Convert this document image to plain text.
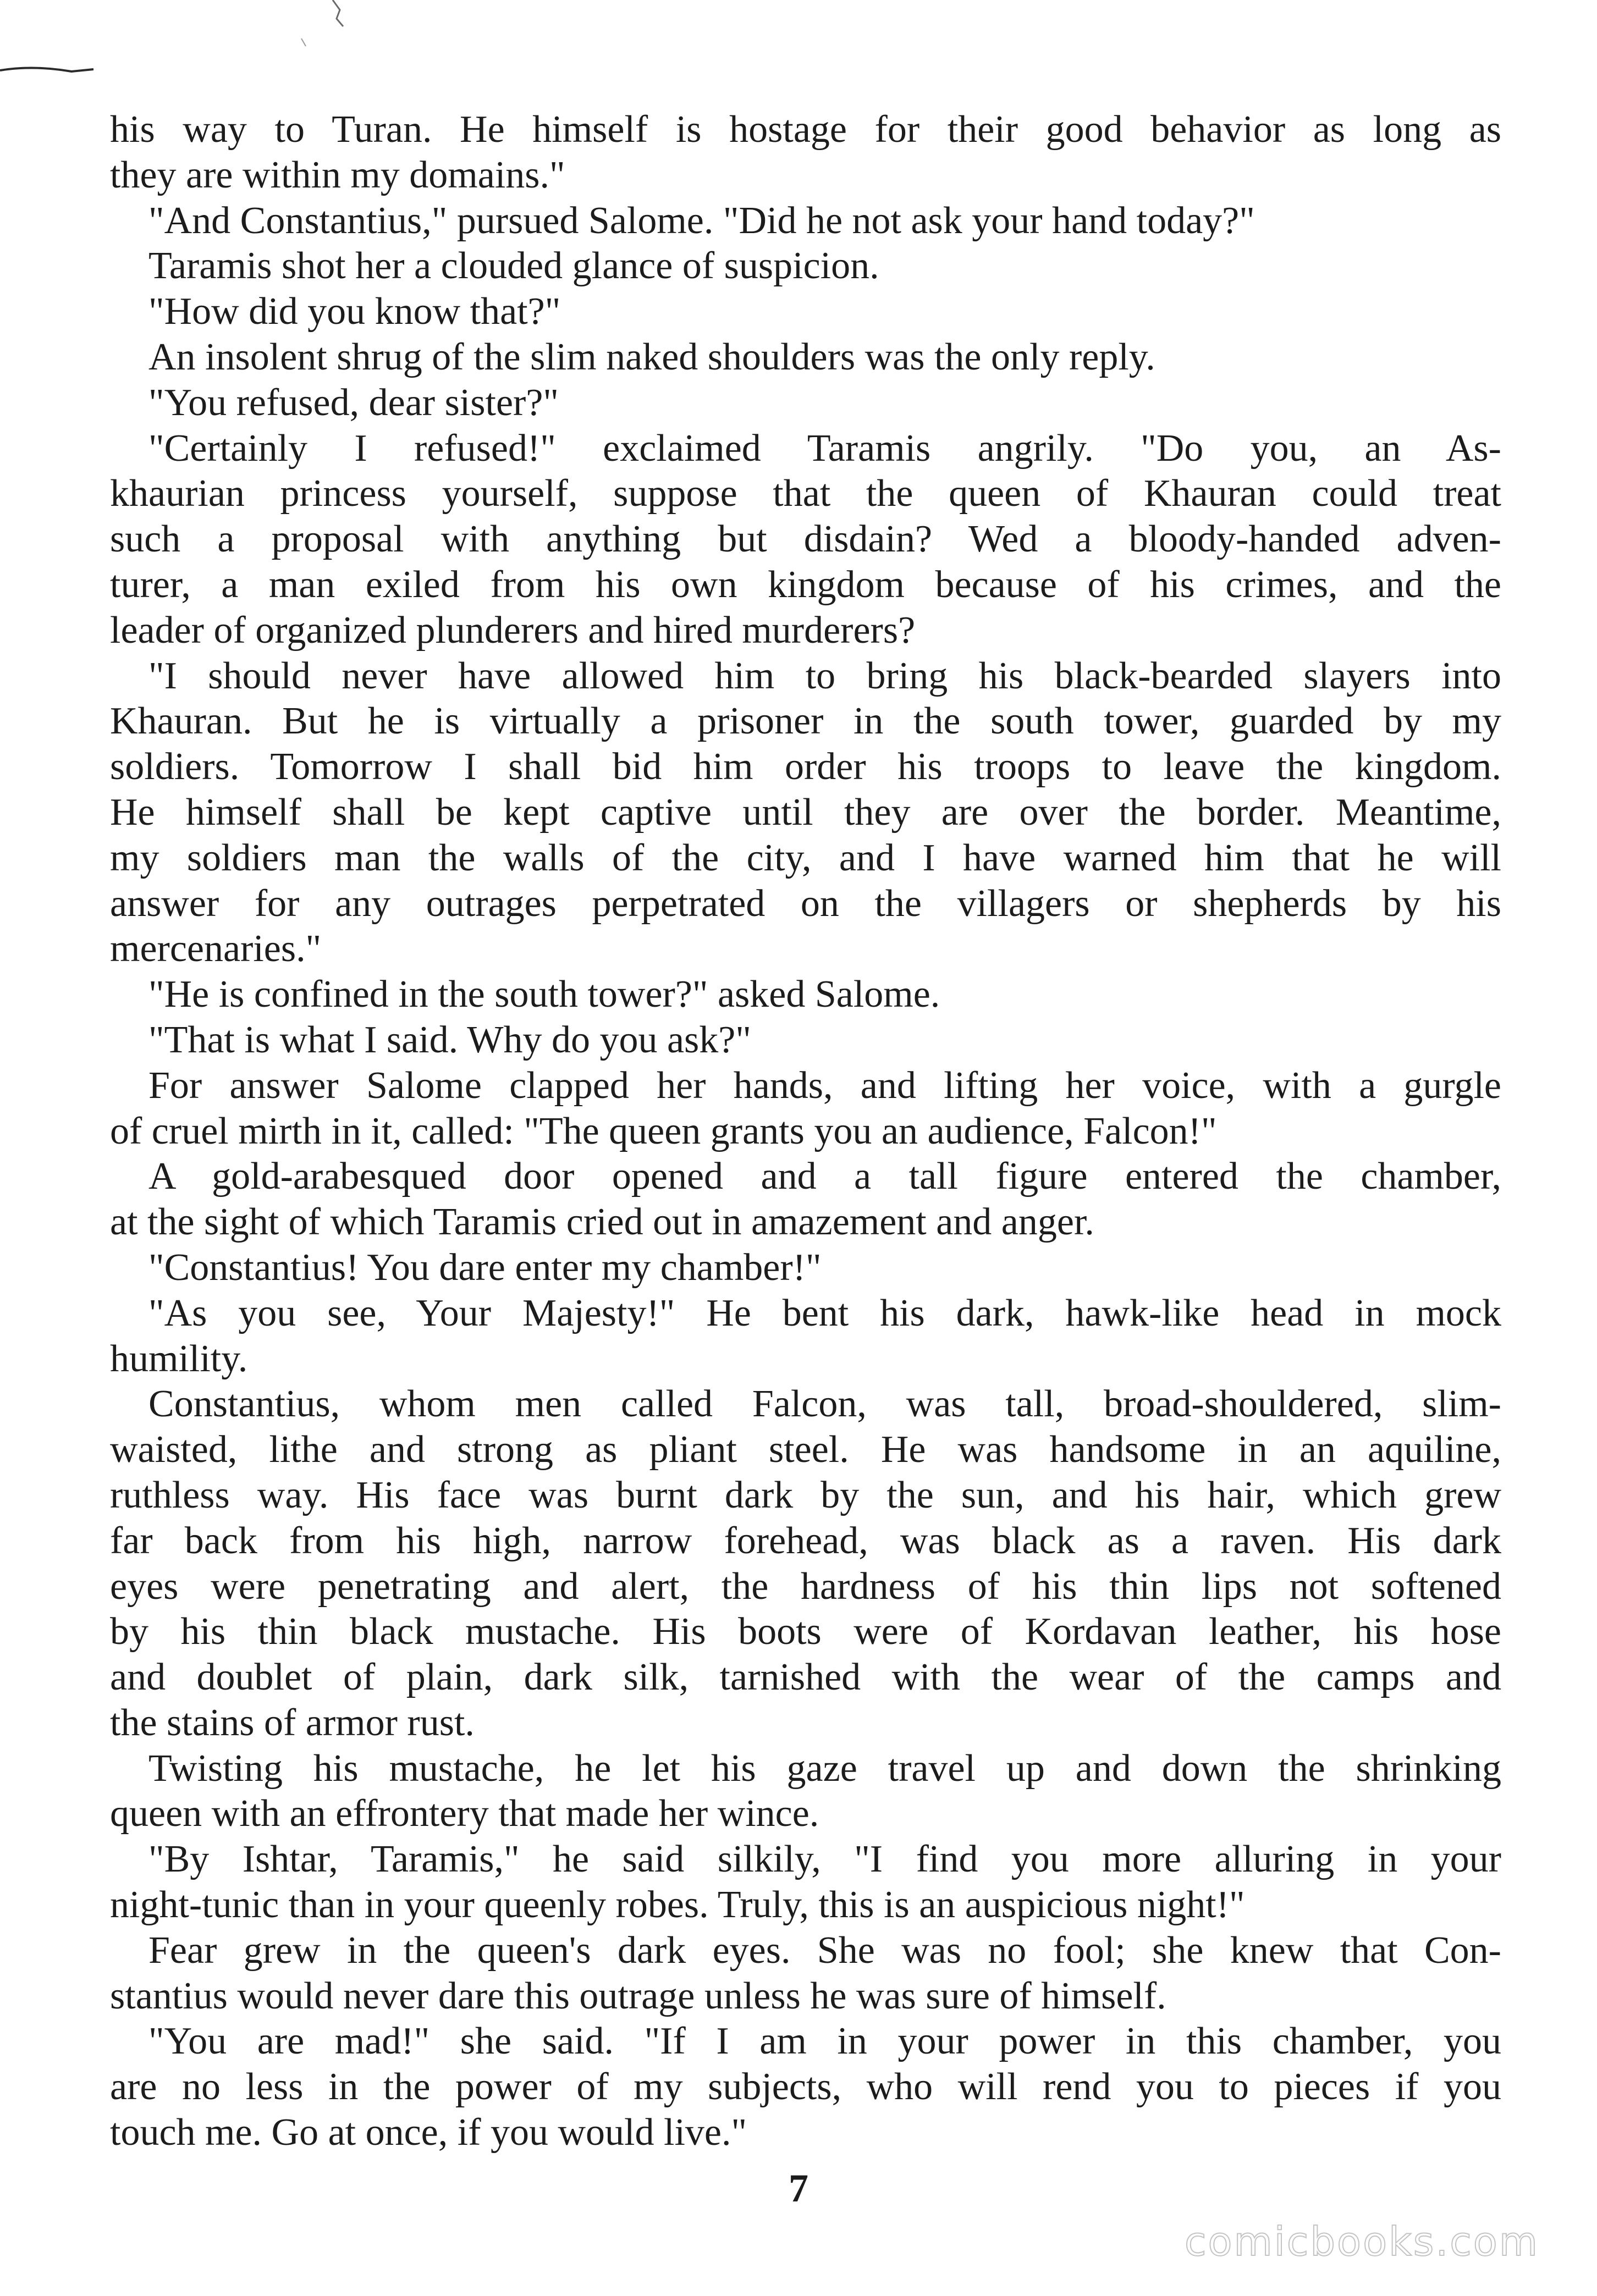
his way to Turan. He himself is hostage for their good behavior as long as
they are within my domains."
"And Constantius," pursued Salome. "Did he not ask your hand today?"
Taramis shot her a clouded glance of suspicion.
"How did you know that?"
An insolent shrug of the slim naked shoulders was the only reply.
"You refused, dear sister?"
"Certainly I refused!" exclaimed Taramis angrily. "Do you, an As-
khaurian princess yourself, suppose that the queen of Khauran could treat
such a proposal with anything but disdain? Wed a bloody-handed adven-
turer, a man exiled from his own kingdom because of his crimes, and the
leader of organized plunderers and hired murderers?
"I should never have allowed him to bring his black-bearded slayers into
Khauran. But he is virtually a prisoner in the south tower, guarded by my
soldiers. Tomorrow I shall bid him order his troops to leave the kingdom.
He himself shall be kept captive until they are over the border. Meantime,
my soldiers man the walls of the city, and I have warned him that he will
answer for any outrages perpetrated on the villagers or shepherds by his
mercenaries."
"He is confined in the south tower?" asked Salome.
"That is what I said. Why do you ask?"
For answer Salome clapped her hands, and lifting her voice, with a gurgle
of cruel mirth in it, called: "The queen grants you an audience, Falcon!"
A gold-arabesqued door opened and a tall figure entered the chamber,
at the sight of which Taramis cried out in amazement and anger.
"Constantius! You dare enter my chamber!"
"As you see, Your Majesty!" He bent his dark, hawk-like head in mock
humility.
Constantius, whom men called Falcon, was tall, broad-shouldered, slim-
waisted, lithe and strong as pliant steel. He was handsome in an aquiline,
ruthless way. His face was burnt dark by the sun, and his hair, which grew
far back from his high, narrow forehead, was black as a raven. His dark
eyes were penetrating and alert, the hardness of his thin lips not softened
by his thin black mustache. His boots were of Kordavan leather, his hose
and doublet of plain, dark silk, tarnished with the wear of the camps and
the stains of armor rust.
Twisting his mustache, he let his gaze travel up and down the shrinking
queen with an effrontery that made her wince.
"By Ishtar, Taramis," he said silkily, "I find you more alluring in your
night-tunic than in your queenly robes. Truly, this is an auspicious night!"
Fear grew in the queen's dark eyes. She was no fool; she knew that Con-
stantius would never dare this outrage unless he was sure of himself.
"You are mad!" she said. "If I am in your power in this chamber, you
are no less in the power of my subjects, who will rend you to pieces if you
touch me. Go at once, if you would live."
7
comicbooks.com
